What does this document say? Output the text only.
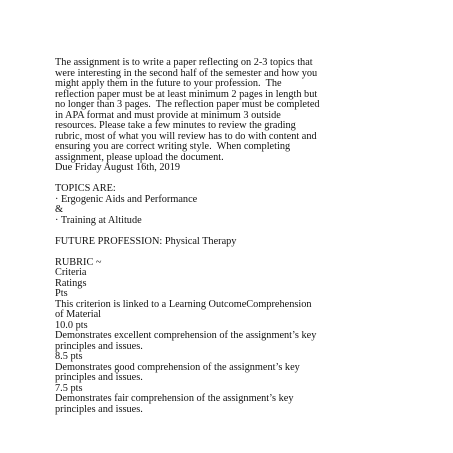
The assignment is to write a paper reflecting on 2-3 topics that
were interesting in the second half of the semester and how you
might apply them in the future to your profession.  The
reflection paper must be at least minimum 2 pages in length but
no longer than 3 pages.  The reflection paper must be completed
in APA format and must provide at minimum 3 outside
resources. Please take a few minutes to review the grading
rubric, most of what you will review has to do with content and
ensuring you are correct writing style.  When completing
assignment, please upload the document.
Due Friday August 16th, 2019
TOPICS ARE:
· Ergogenic Aids and Performance
&
· Training at Altitude
FUTURE PROFESSION: Physical Therapy
RUBRIC ~
Criteria
Ratings
Pts
This criterion is linked to a Learning OutcomeComprehension
of Material
10.0 pts
Demonstrates excellent comprehension of the assignment’s key
principles and issues.
8.5 pts
Demonstrates good comprehension of the assignment’s key
principles and issues.
7.5 pts
Demonstrates fair comprehension of the assignment’s key
principles and issues.
